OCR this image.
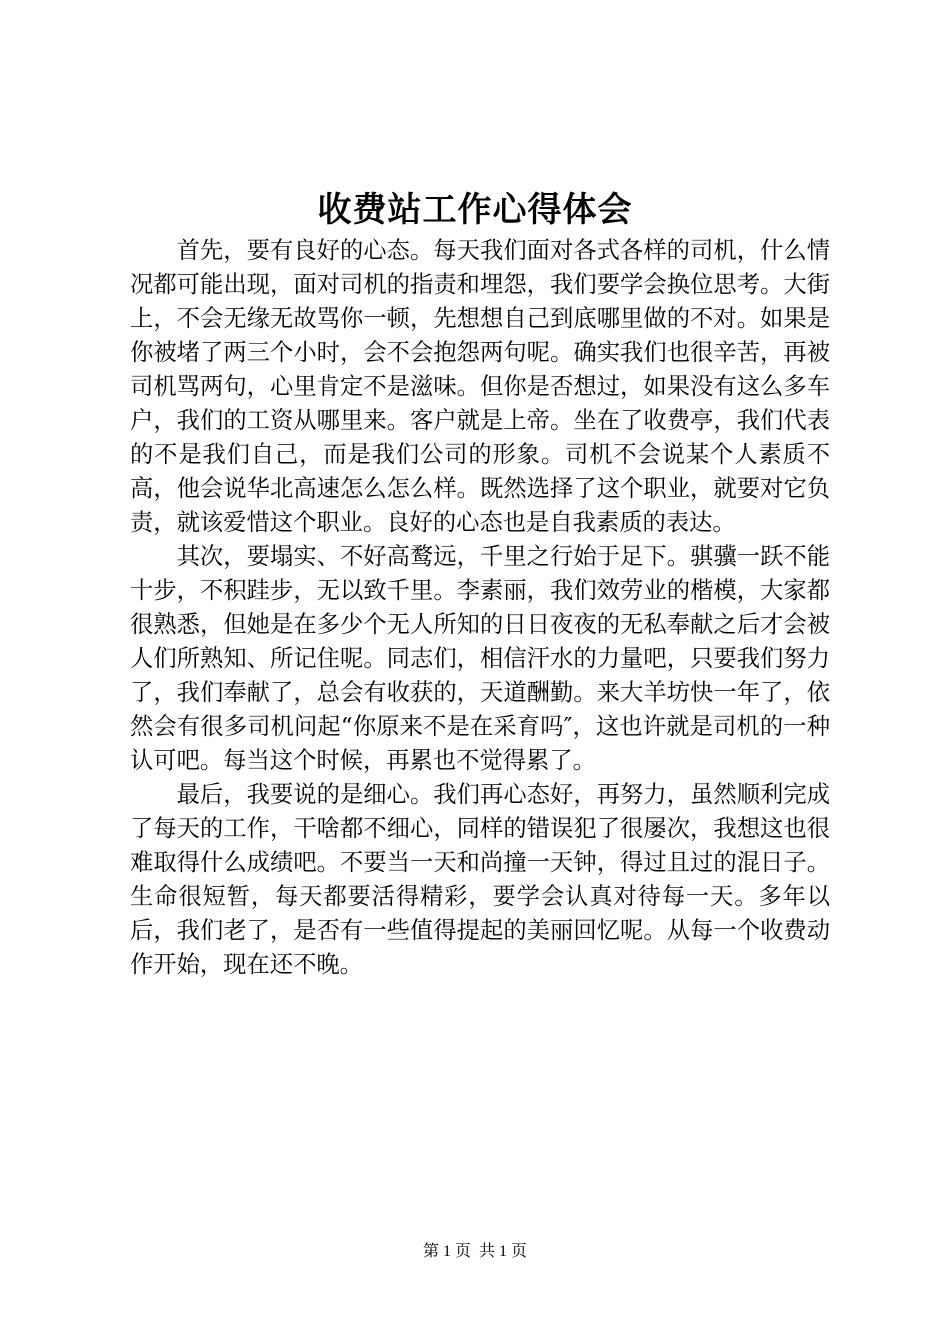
收费站工作心得体会

首先，要有良好的心态。每天我们面对各式各样的司机，什么情况都可能出现，面对司机的指责和埋怨，我们要学会换位思考。大街上，不会无缘无故骂你一顿，先想想自己到底哪里做的不对。如果是你被堵了两三个小时，会不会抱怨两句呢。确实我们也很辛苦，再被司机骂两句，心里肯定不是滋味。但你是否想过，如果没有这么多车户，我们的工资从哪里来。客户就是上帝。坐在了收费亭，我们代表的不是我们自己，而是我们公司的形象。司机不会说某个人素质不高，他会说华北高速怎么怎么样。既然选择了这个职业，就要对它负责，就该爱惜这个职业。良好的心态也是自我素质的表达。

其次，要塌实、不好高鹜远，千里之行始于足下。骐骥一跃不能十步，不积跬步，无以致千里。李素丽，我们效劳业的楷模，大家都很熟悉，但她是在多少个无人所知的日日夜夜的无私奉献之后才会被人们所熟知、所记住呢。同志们，相信汗水的力量吧，只要我们努力了，我们奉献了，总会有收获的，天道酬勤。来大羊坊快一年了，依然会有很多司机问起“你原来不是在采育吗″，这也许就是司机的一种认可吧。每当这个时候，再累也不觉得累了。

最后，我要说的是细心。我们再心态好，再努力，虽然顺利完成了每天的工作，干啥都不细心，同样的错误犯了很屡次，我想这也很难取得什么成绩吧。不要当一天和尚撞一天钟，得过且过的混日子。生命很短暂，每天都要活得精彩，要学会认真对待每一天。多年以后，我们老了，是否有一些值得提起的美丽回忆呢。从每一个收费动作开始，现在还不晚。

第 1 页  共 1 页
